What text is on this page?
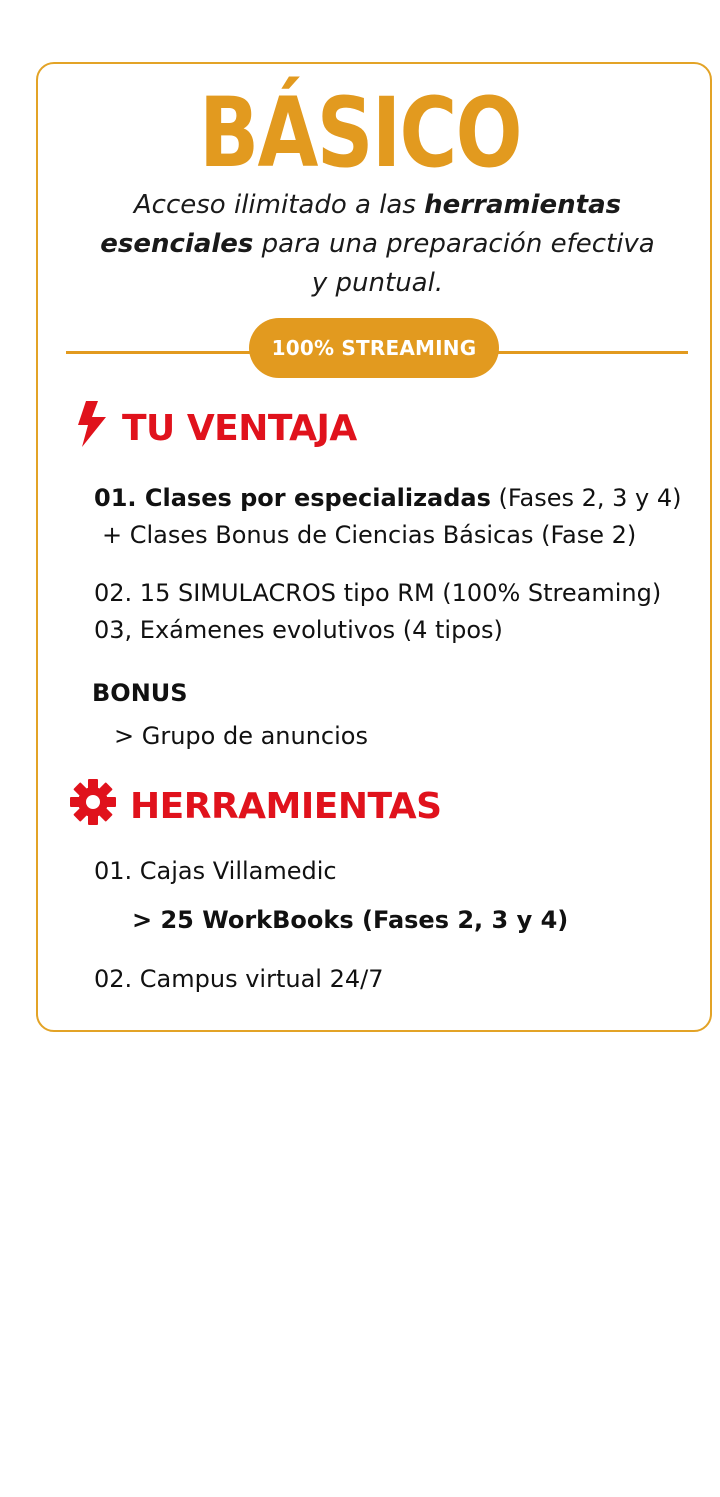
BÁSICO
Acceso ilimitado a las herramientas esenciales para una preparación efectiva y puntual.
100% STREAMING
TU VENTAJA
01. Clases por especializadas (Fases 2, 3 y 4)
+ Clases Bonus de Ciencias Básicas (Fase 2)
02. 15 SIMULACROS tipo RM (100% Streaming)
03, Exámenes evolutivos (4 tipos)
BONUS
> Grupo de anuncios
HERRAMIENTAS
01. Cajas Villamedic
> 25 WorkBooks (Fases 2, 3 y 4)
02. Campus virtual 24/7
